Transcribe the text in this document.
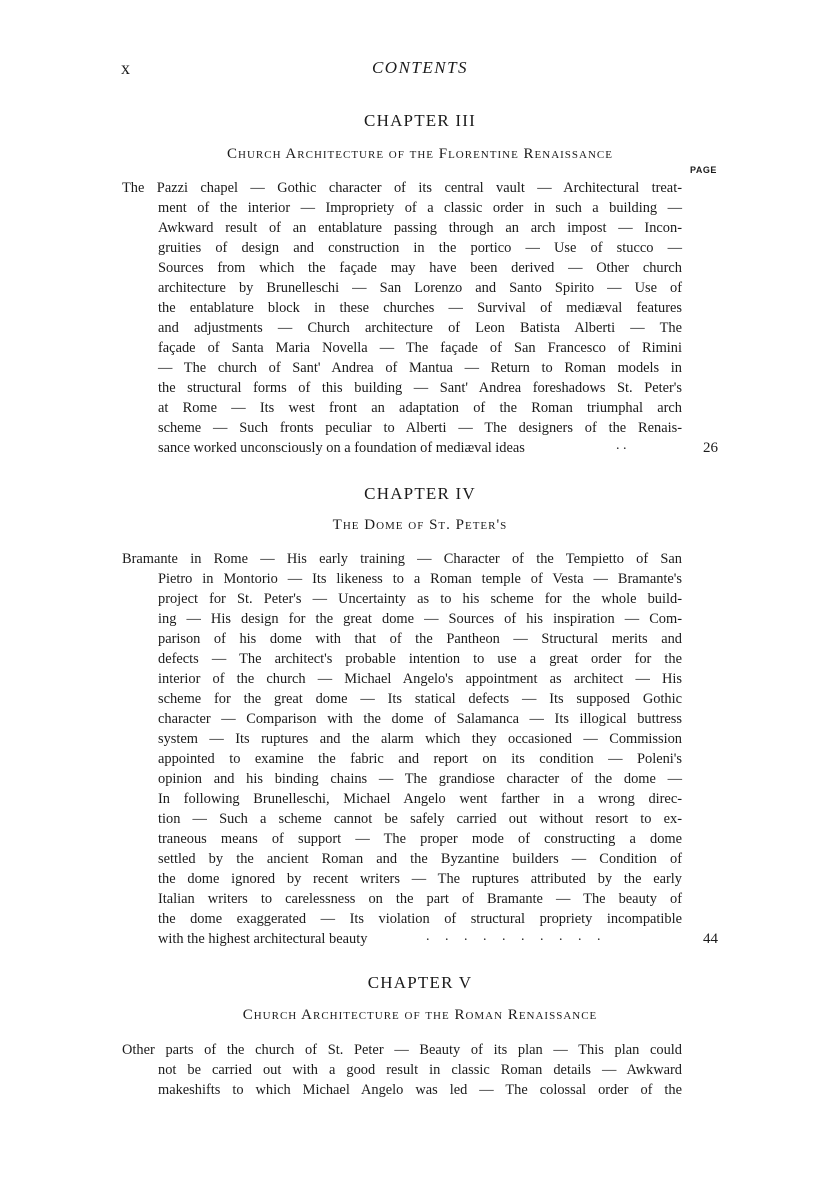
x	CONTENTS
CHAPTER III
Church Architecture of the Florentine Renaissance
PAGE
The Pazzi chapel — Gothic character of its central vault — Architectural treat-
ment of the interior — Impropriety of a classic order in such a building —
Awkward result of an entablature passing through an arch impost — Incon-
gruities of design and construction in the portico — Use of stucco —
Sources from which the façade may have been derived — Other church
architecture by Brunelleschi — San Lorenzo and Santo Spirito — Use of
the entablature block in these churches — Survival of mediæval features
and adjustments — Church architecture of Leon Batista Alberti — The
façade of Santa Maria Novella — The façade of San Francesco of Rimini
— The church of Sant' Andrea of Mantua — Return to Roman models in
the structural forms of this building — Sant' Andrea foreshadows St. Peter's
at Rome — Its west front an adaptation of the Roman triumphal arch
scheme — Such fronts peculiar to Alberti — The designers of the Renais-
sance worked unconsciously on a foundation of mediæval ideas	. .	26
CHAPTER IV
The Dome of St. Peter's
Bramante in Rome — His early training — Character of the Tempietto of San
Pietro in Montorio — Its likeness to a Roman temple of Vesta — Bramante's
project for St. Peter's — Uncertainty as to his scheme for the whole build-
ing — His design for the great dome — Sources of his inspiration — Com-
parison of his dome with that of the Pantheon — Structural merits and
defects — The architect's probable intention to use a great order for the
interior of the church — Michael Angelo's appointment as architect — His
scheme for the great dome — Its statical defects — Its supposed Gothic
character — Comparison with the dome of Salamanca — Its illogical buttress
system — Its ruptures and the alarm which they occasioned — Commission
appointed to examine the fabric and report on its condition — Poleni's
opinion and his binding chains — The grandiose character of the dome —
In following Brunelleschi, Michael Angelo went farther in a wrong direc-
tion — Such a scheme cannot be safely carried out without resort to ex-
traneous means of support — The proper mode of constructing a dome
settled by the ancient Roman and the Byzantine builders — Condition of
the dome ignored by recent writers — The ruptures attributed by the early
Italian writers to carelessness on the part of Bramante — The beauty of
the dome exaggerated — Its violation of structural propriety incompatible
with the highest architectural beauty	. . . . . . . . . .	44
CHAPTER V
Church Architecture of the Roman Renaissance
Other parts of the church of St. Peter — Beauty of its plan — This plan could
not be carried out with a good result in classic Roman details — Awkward
makeshifts to which Michael Angelo was led — The colossal order of the
